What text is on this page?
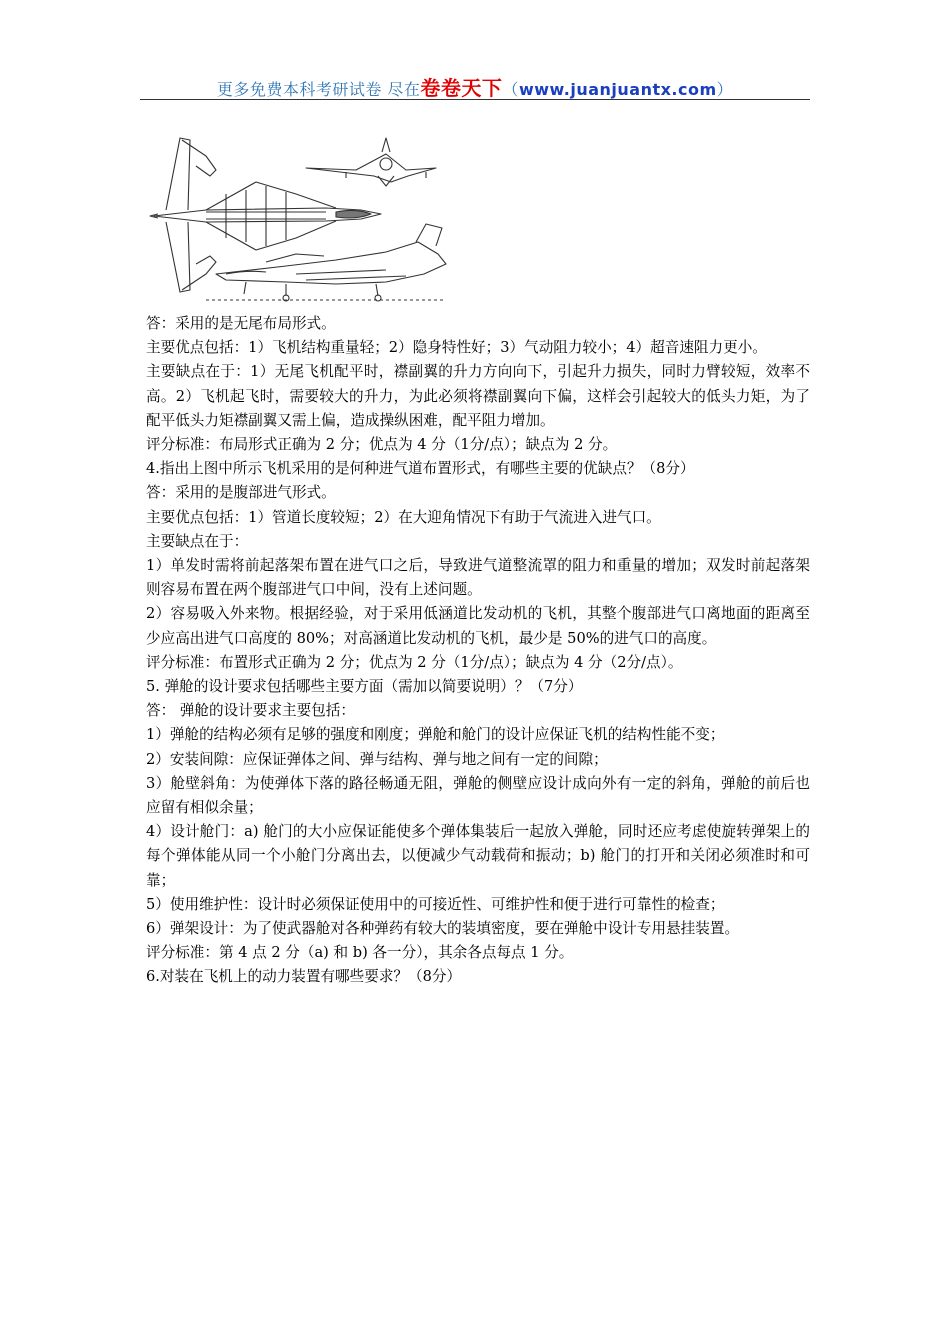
更多免费本科考研试卷 尽在卷卷天下（www.juanjuantx.com）

答：采用的是无尾布局形式。

主要优点包括：1）飞机结构重量轻；2）隐身特性好；3）气动阻力较小；4）超音速阻力更小。

主要缺点在于：1）无尾飞机配平时，襟副翼的升力方向向下，引起升力损失，同时力臂较短，效率不高。2）飞机起飞时，需要较大的升力，为此必须将襟副翼向下偏，这样会引起较大的低头力矩，为了配平低头力矩襟副翼又需上偏，造成操纵困难，配平阻力增加。

评分标准：布局形式正确为 2 分；优点为 4 分（1分/点）；缺点为 2 分。

4.指出上图中所示飞机采用的是何种进气道布置形式，有哪些主要的优缺点？（8分）

答：采用的是腹部进气形式。

主要优点包括：1）管道长度较短；2）在大迎角情况下有助于气流进入进气口。

主要缺点在于：

1）单发时需将前起落架布置在进气口之后，导致进气道整流罩的阻力和重量的增加；双发时前起落架则容易布置在两个腹部进气口中间，没有上述问题。

2）容易吸入外来物。根据经验，对于采用低涵道比发动机的飞机，其整个腹部进气口离地面的距离至少应高出进气口高度的 80%；对高涵道比发动机的飞机，最少是 50%的进气口的高度。

评分标准：布置形式正确为 2 分；优点为 2 分（1分/点）；缺点为 4 分（2分/点）。

5. 弹舱的设计要求包括哪些主要方面（需加以简要说明）？（7分）

答： 弹舱的设计要求主要包括：

1）弹舱的结构必须有足够的强度和刚度；弹舱和舱门的设计应保证飞机的结构性能不变；

2）安装间隙：应保证弹体之间、弹与结构、弹与地之间有一定的间隙；

3）舱壁斜角：为使弹体下落的路径畅通无阻，弹舱的侧壁应设计成向外有一定的斜角，弹舱的前后也应留有相似余量；

4）设计舱门：a) 舱门的大小应保证能使多个弹体集装后一起放入弹舱，同时还应考虑使旋转弹架上的每个弹体能从同一个小舱门分离出去，以便减少气动载荷和振动；b) 舱门的打开和关闭必须准时和可靠；

5）使用维护性：设计时必须保证使用中的可接近性、可维护性和便于进行可靠性的检查；

6）弹架设计：为了使武器舱对各种弹药有较大的装填密度，要在弹舱中设计专用悬挂装置。

评分标准：第 4 点 2 分（a) 和 b) 各一分），其余各点每点 1 分。

6.对装在飞机上的动力装置有哪些要求？（8分）
